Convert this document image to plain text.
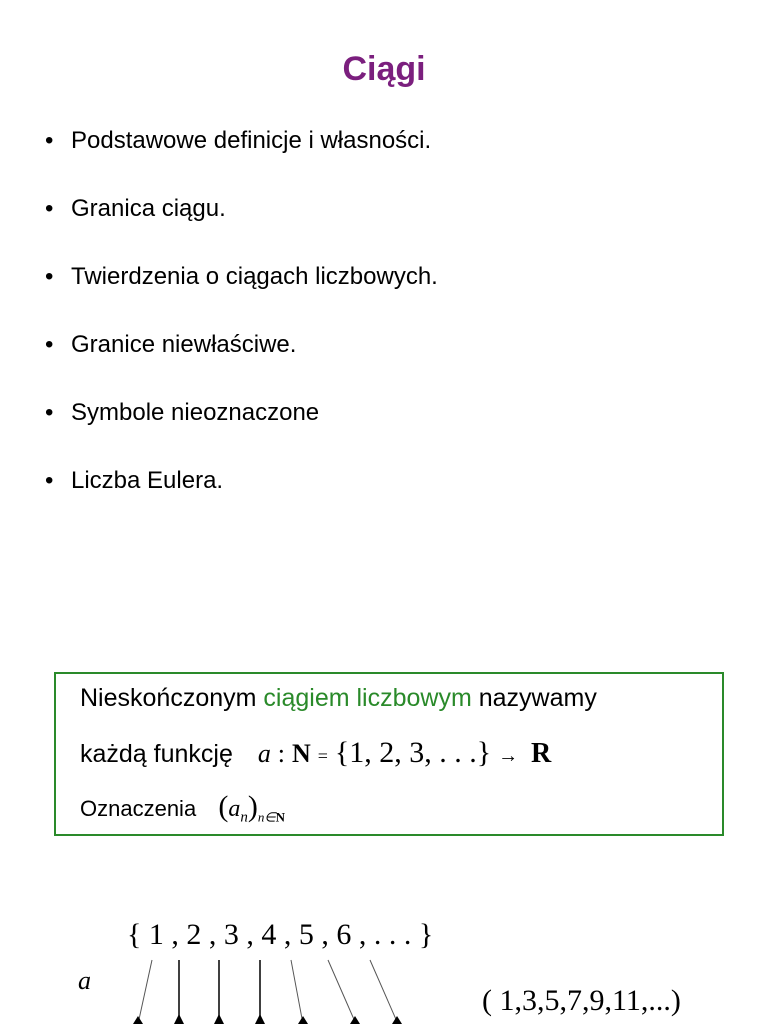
Ciągi
• Podstawowe definicje i własności.
• Granica ciągu.
• Twierdzenia o ciągach liczbowych.
• Granice niewłaściwe.
• Symbole nieoznaczone
• Liczba Eulera.
Nieskończonym ciągiem liczbowym nazywamy
każdą funkcję a : N = {1, 2, 3, . . .} → R
Oznaczenia $(a_n)_{n\in N}$
{ 1 , 2 , 3 , 4 , 5 , 6 , . . . }
a
( 1,3,5,7,9,11,...)
